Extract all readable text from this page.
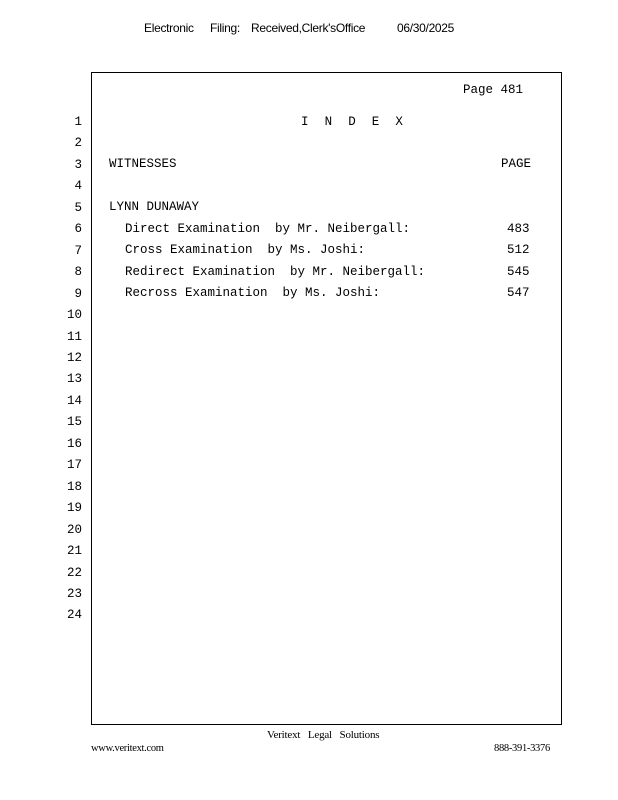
Electronic Filing: Received,Clerk'sOffice	06/30/2025
Page 481
1
2
3
4
5
6
7
8
9
10
11
12
13
14
15
16
17
18
19
20
21
22
23
24
I N D E X
WITNESSES	PAGE
LYNN DUNAWAY
Direct Examination  by Mr. Neibergall:	483
Cross Examination  by Ms. Joshi:	512
Redirect Examination  by Mr. Neibergall:	545
Recross Examination  by Ms. Joshi:	547
Veritext   Legal   Solutions
www.veritext.com	888-391-3376
